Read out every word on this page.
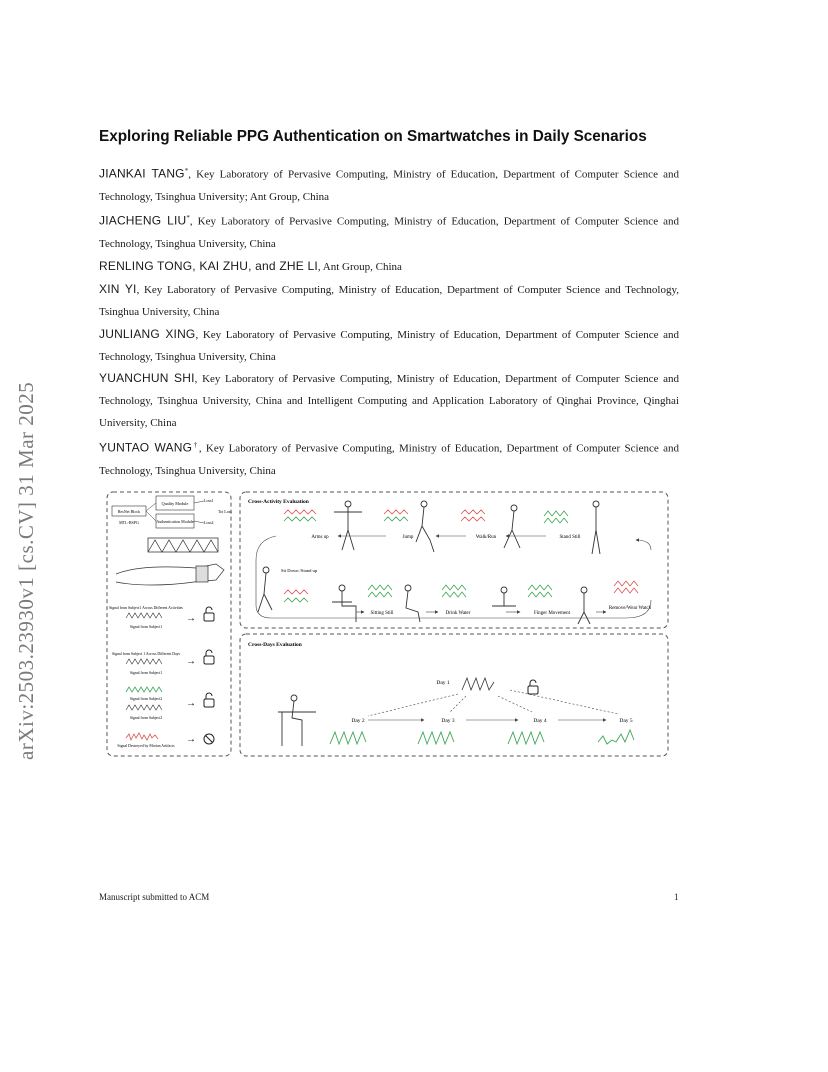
arXiv:2503.23930v1 [cs.CV] 31 Mar 2025
Exploring Reliable PPG Authentication on Smartwatches in Daily Scenarios

JIANKAI TANG*, Key Laboratory of Pervasive Computing, Ministry of Education, Department of Computer Science and Technology, Tsinghua University; Ant Group, China

JIACHENG LIU*, Key Laboratory of Pervasive Computing, Ministry of Education, Department of Computer Science and Technology, Tsinghua University, China

RENLING TONG, KAI ZHU, and ZHE LI, Ant Group, China

XIN YI, Key Laboratory of Pervasive Computing, Ministry of Education, Department of Computer Science and Technology, Tsinghua University, China

JUNLIANG XING, Key Laboratory of Pervasive Computing, Ministry of Education, Department of Computer Science and Technology, Tsinghua University, China

YUANCHUN SHI, Key Laboratory of Pervasive Computing, Ministry of Education, Department of Computer Science and Technology, Tsinghua University, China and Intelligent Computing and Application Laboratory of Qinghai Province, Qinghai University, China

YUNTAO WANG†, Key Laboratory of Pervasive Computing, Ministry of Education, Department of Computer Science and Technology, Tsinghua University, China

Quality Module
Authentication Module
ResNet Block
MTL-BSPG
Loss1
Loss2
Tot Loss
Signal from Subject1 Across Different Activities
Signal from Subject1
→
Signal from Subject 1 Across Different Days
Signal from Subject1
→
Signal from Subject2
Signal from Subject2
→
Signal Destroyed by Motion Artifacts
→
Cross-Activity Evaluation
Arms up	Jump	Walk/Run	Stand Still
Sit Down /Stand up
Sitting Still	Drink Water	Finger Movement
Remove/Wear Watch
Cross-Days Evaluation
Day 1
Day 2	Day 3	Day 4	Day 5
Manuscript submitted to ACM	1
